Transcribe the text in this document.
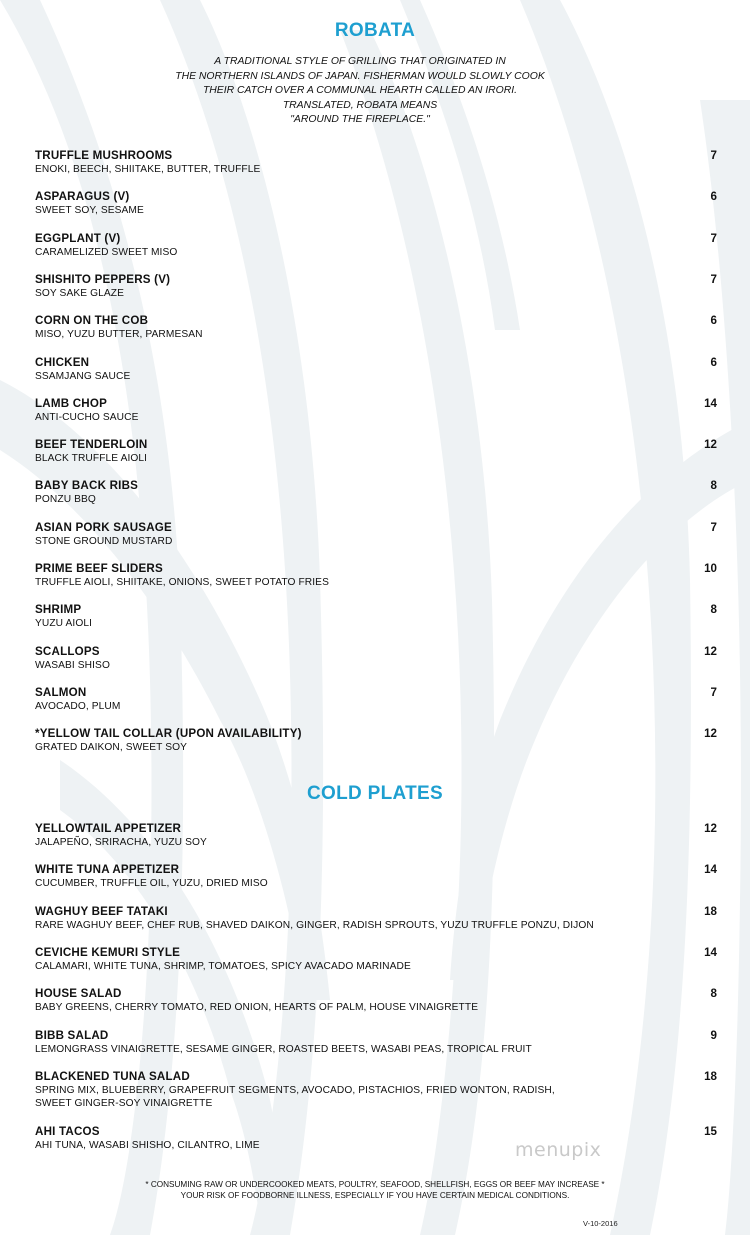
ROBATA
A TRADITIONAL STYLE OF GRILLING THAT ORIGINATED IN
THE NORTHERN ISLANDS OF JAPAN. FISHERMAN WOULD SLOWLY COOK
THEIR CATCH OVER A COMMUNAL HEARTH CALLED AN IRORI.
TRANSLATED, ROBATA MEANS
"AROUND THE FIREPLACE."
TRUFFLE MUSHROOMS
ENOKI, BEECH, SHIITAKE, BUTTER, TRUFFLE
7
ASPARAGUS (V)
SWEET SOY, SESAME
6
EGGPLANT (V)
CARAMELIZED SWEET MISO
7
SHISHITO PEPPERS (V)
SOY SAKE GLAZE
7
CORN ON THE COB
MISO, YUZU BUTTER, PARMESAN
6
CHICKEN
SSAMJANG SAUCE
6
LAMB CHOP
ANTI-CUCHO SAUCE
14
BEEF TENDERLOIN
BLACK TRUFFLE AIOLI
12
BABY BACK RIBS
PONZU BBQ
8
ASIAN PORK SAUSAGE
STONE GROUND MUSTARD
7
PRIME BEEF SLIDERS
TRUFFLE AIOLI, SHIITAKE, ONIONS, SWEET POTATO FRIES
10
SHRIMP
YUZU AIOLI
8
SCALLOPS
WASABI SHISO
12
SALMON
AVOCADO, PLUM
7
*YELLOW TAIL COLLAR (UPON AVAILABILITY)
GRATED DAIKON, SWEET SOY
12
COLD PLATES
YELLOWTAIL APPETIZER
JALAPEÑO, SRIRACHA, YUZU SOY
12
WHITE TUNA APPETIZER
CUCUMBER, TRUFFLE OIL, YUZU, DRIED MISO
14
WAGHUY BEEF TATAKI
RARE WAGHUY BEEF, CHEF RUB, SHAVED DAIKON, GINGER, RADISH SPROUTS, YUZU TRUFFLE PONZU, DIJON
18
CEVICHE KEMURI STYLE
CALAMARI, WHITE TUNA, SHRIMP, TOMATOES, SPICY AVACADO MARINADE
14
HOUSE SALAD
BABY GREENS, CHERRY TOMATO, RED ONION, HEARTS OF PALM, HOUSE VINAIGRETTE
8
BIBB SALAD
LEMONGRASS VINAIGRETTE, SESAME GINGER, ROASTED BEETS, WASABI PEAS, TROPICAL FRUIT
9
BLACKENED TUNA SALAD
SPRING MIX, BLUEBERRY, GRAPEFRUIT SEGMENTS, AVOCADO, PISTACHIOS, FRIED WONTON, RADISH,
SWEET GINGER-SOY VINAIGRETTE
18
AHI TACOS
AHI TUNA, WASABI SHISHO, CILANTRO, LIME
15
menupix
* CONSUMING RAW OR UNDERCOOKED MEATS, POULTRY, SEAFOOD, SHELLFISH, EGGS OR BEEF MAY INCREASE *
YOUR RISK OF FOODBORNE ILLNESS, ESPECIALLY IF YOU HAVE CERTAIN MEDICAL CONDITIONS.
V-10-2016
